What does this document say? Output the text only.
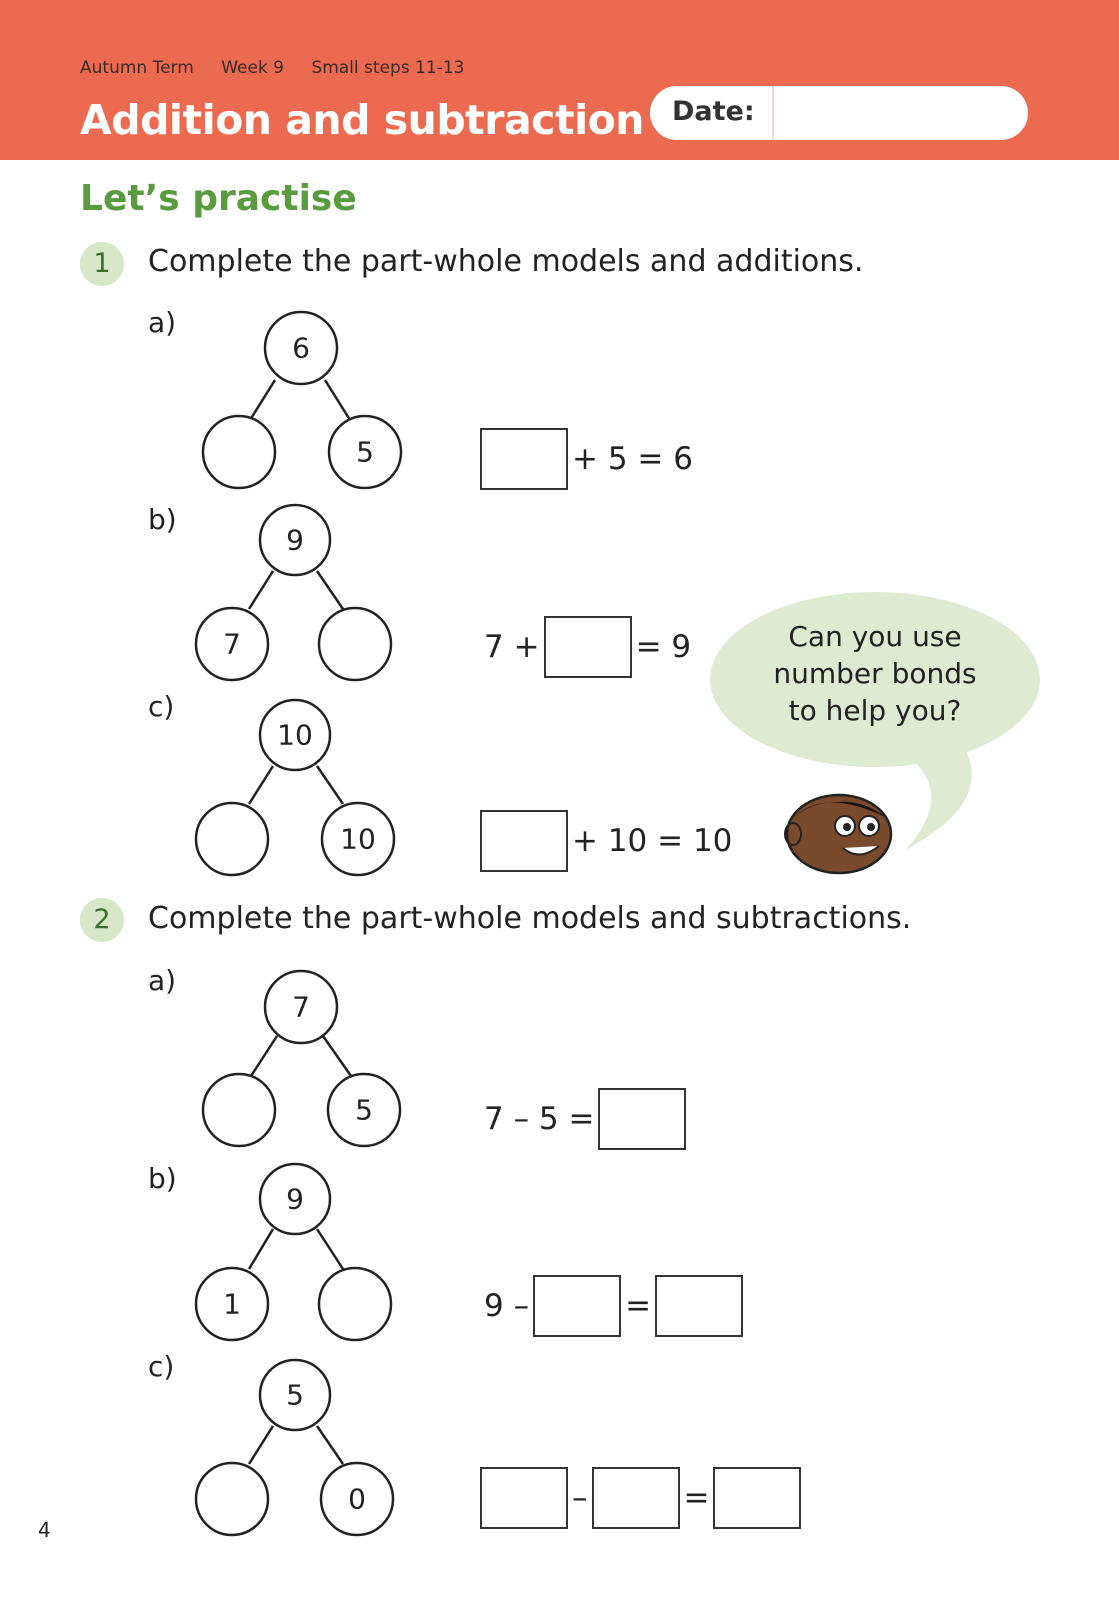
Autumn Term Week 9 Small steps 11-13
Addition and subtraction Date:
Let’s practise
1	Complete the part-whole models and additions.
a)
6
5	+ 5 = 6
b)
9
7	7 +	= 9
c)
10
10	+ 10 = 10
Can you use
number bonds
to help you?
2	Complete the part-whole models and subtractions.
a)
7
5	7 – 5 =
b)
9
1	9 –	=
c)
5
0	–	=
4
